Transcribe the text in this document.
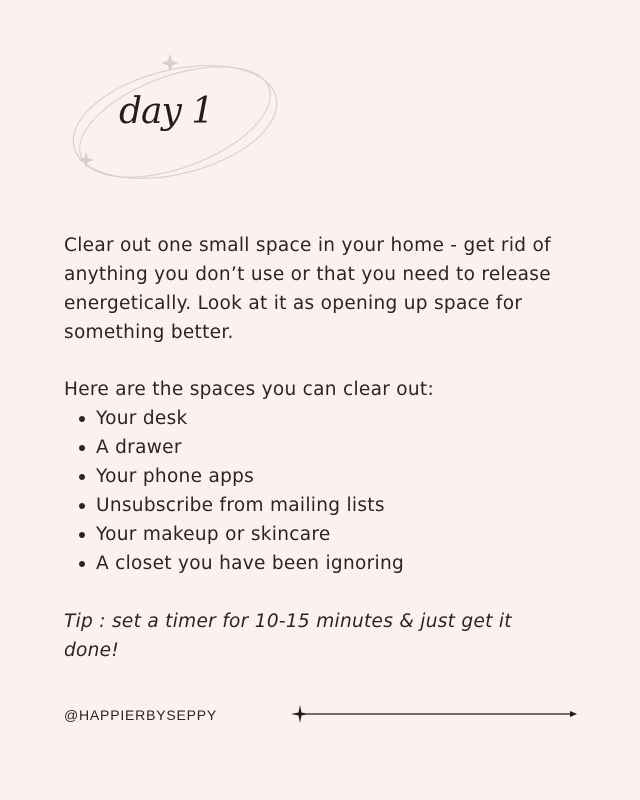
day 1

Clear out one small space in your home - get rid of anything you don’t use or that you need to release energetically. Look at it as opening up space for something better.

Here are the spaces you can clear out:

Your desk
A drawer
Your phone apps
Unsubscribe from mailing lists
Your makeup or skincare
A closet you have been ignoring

Tip : set a timer for 10-15 minutes & just get it done!

@HAPPIERBYSEPPY
